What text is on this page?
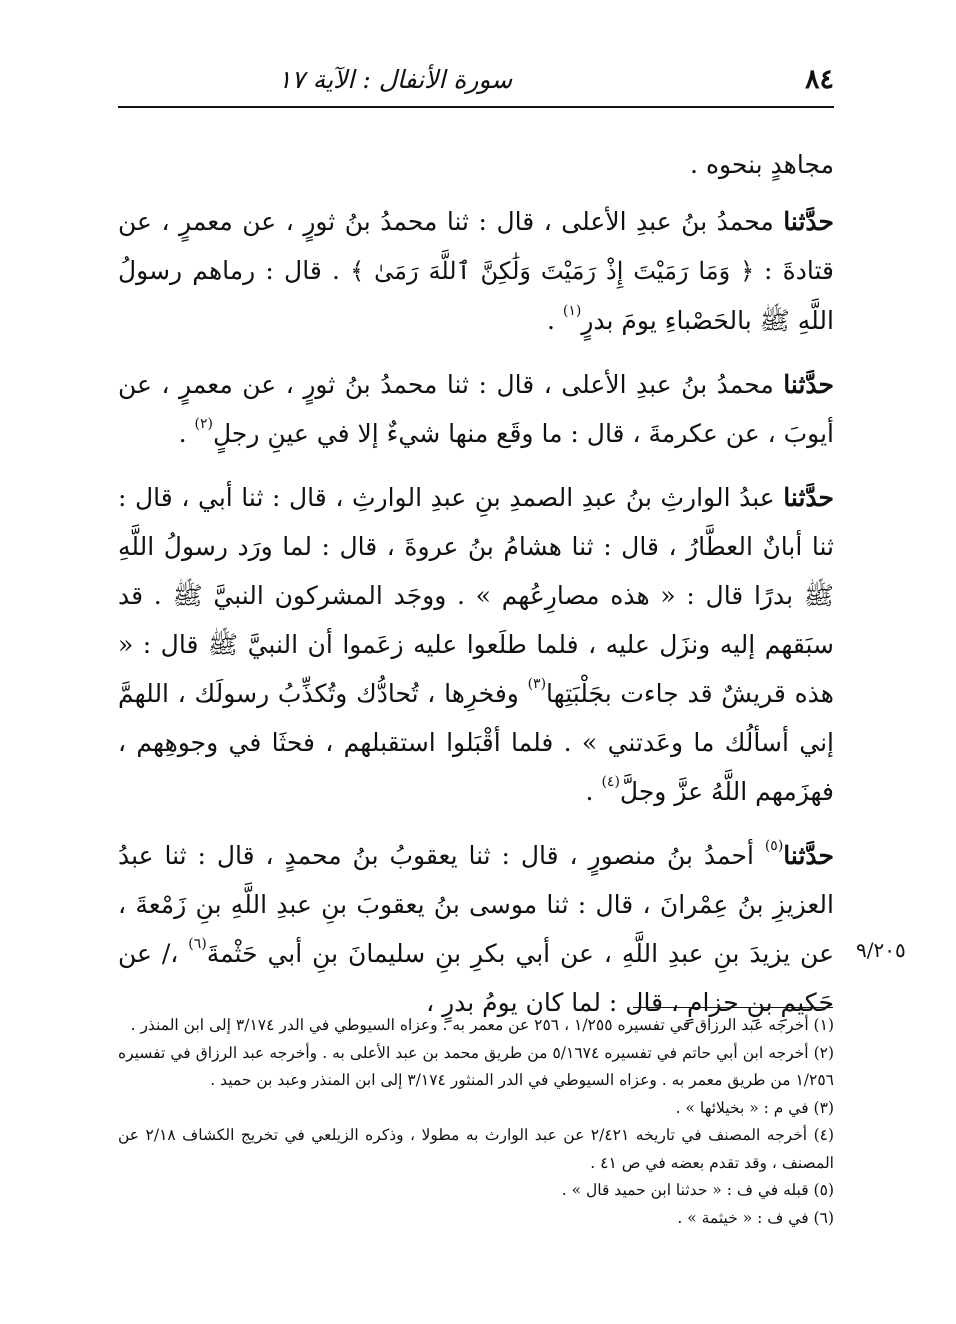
٨٤
سورة الأنفال : الآية ١٧

مجاهدٍ بنحوه .

حدَّثنا محمدُ بنُ عبدِ الأعلى ، قال : ثنا محمدُ بنُ ثورٍ ، عن معمرٍ ، عن قتادةَ : ﴿ وَمَا رَمَيْتَ إِذْ رَمَيْتَ وَلَٰكِنَّ ٱللَّهَ رَمَىٰ ﴾ . قال : رماهم رسولُ اللَّهِ ﷺ بالحَصْباءِ يومَ بدرٍ$^{(١)}$ .

حدَّثنا محمدُ بنُ عبدِ الأعلى ، قال : ثنا محمدُ بنُ ثورٍ ، عن معمرٍ ، عن أيوبَ ، عن عكرمةَ ، قال : ما وقَع منها شيءٌ إلا في عينِ رجلٍ$^{(٢)}$ .

حدَّثنا عبدُ الوارثِ بنُ عبدِ الصمدِ بنِ عبدِ الوارثِ ، قال : ثنا أبي ، قال : ثنا أبانٌ العطَّارُ ، قال : ثنا هشامُ بنُ عروةَ ، قال : لما ورَد رسولُ اللَّهِ ﷺ بدرًا قال : « هذه مصارِعُهم » . ووجَد المشركون النبيَّ ﷺ . قد سبَقهم إليه ونزَل عليه ، فلما طلَعوا عليه زعَموا أن النبيَّ ﷺ قال : « هذه قريشٌ قد جاءت بجَلْبَتِها$^{(٣)}$ وفخرِها ، تُحادُّك وتُكذِّبُ رسولَك ، اللهمَّ إني أسألُك ما وعَدتني » . فلما أقْبَلوا استقبلهم ، فحثَا في وجوهِهم ، فهزَمهم اللَّهُ عزَّ وجلَّ$^{(٤)}$ .

حدَّثنا$^{(٥)}$ أحمدُ بنُ منصورٍ ، قال : ثنا يعقوبُ بنُ محمدٍ ، قال : ثنا عبدُ العزيزِ بنُ عِمْرانَ ، قال : ثنا موسى بنُ يعقوبَ بنِ عبدِ اللَّهِ بنِ زَمْعةَ ، عن يزيدَ بنِ عبدِ اللَّهِ ، عن أبي بكرِ بنِ سليمانَ بنِ أبي حَثْمةَ$^{(٦)}$ ،/ عن حَكيمِ بنِ حزامٍ ، قال : لما كان يومُ بدرٍ ،

٩/٢٠٥

(١) أخرجه عبد الرزاق في تفسيره ١/٢٥٥ ، ٢٥٦ عن معمر به . وعزاه السيوطي في الدر ٣/١٧٤ إلى ابن المنذر .

(٢) أخرجه ابن أبي حاتم في تفسيره ٥/١٦٧٤ من طريق محمد بن عبد الأعلى به . وأخرجه عبد الرزاق في تفسيره ١/٢٥٦ من طريق معمر به . وعزاه السيوطي في الدر المنثور ٣/١٧٤ إلى ابن المنذر وعبد بن حميد .

(٣) في م : « بخيلائها » .

(٤) أخرجه المصنف في تاريخه ٢/٤٢١ عن عبد الوارث به مطولا ، وذكره الزيلعي في تخريج الكشاف ٢/١٨ عن المصنف ، وقد تقدم بعضه في ص ٤١ .

(٥) قبله في ف : « حدثنا ابن حميد قال » .

(٦) في ف : « خيثمة » .
